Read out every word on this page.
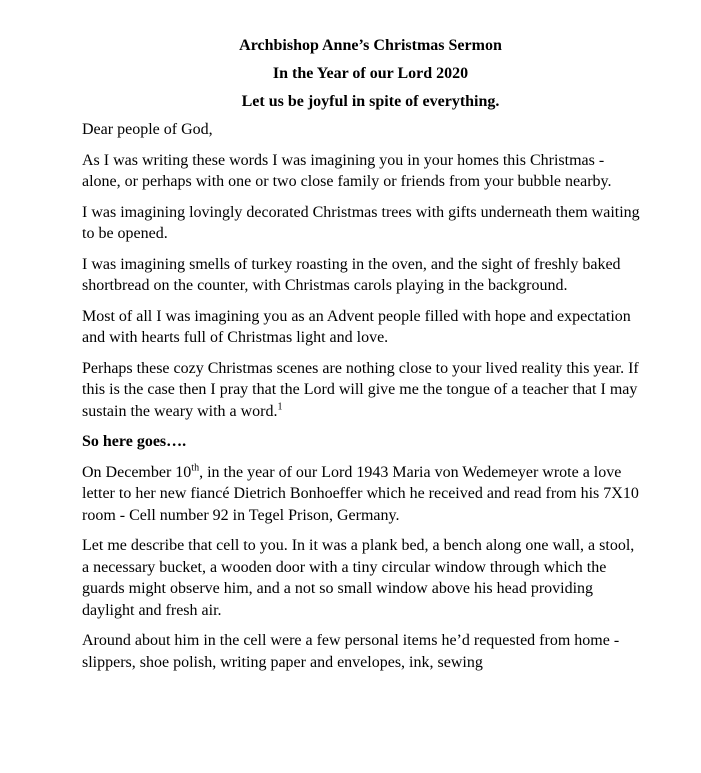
Archbishop Anne’s Christmas Sermon
In the Year of our Lord 2020
Let us be joyful in spite of everything.

Dear people of God,

As I was writing these words I was imagining you in your homes this Christmas - alone, or perhaps with one or two close family or friends from your bubble nearby.

I was imagining lovingly decorated Christmas trees with gifts underneath them waiting to be opened.

I was imagining smells of turkey roasting in the oven, and the sight of freshly baked shortbread on the counter, with Christmas carols playing in the background.

Most of all I was imagining you as an Advent people filled with hope and expectation and with hearts full of Christmas light and love.

Perhaps these cozy Christmas scenes are nothing close to your lived reality this year. If this is the case then I pray that the Lord will give me the tongue of a teacher that I may sustain the weary with a word.$^1$

So here goes….

On December 10th, in the year of our Lord 1943 Maria von Wedemeyer wrote a love letter to her new fiancé Dietrich Bonhoeffer which he received and read from his 7X10 room - Cell number 92 in Tegel Prison, Germany.

Let me describe that cell to you. In it was a plank bed, a bench along one wall, a stool, a necessary bucket, a wooden door with a tiny circular window through which the guards might observe him, and a not so small window above his head providing daylight and fresh air.

Around about him in the cell were a few personal items he’d requested from home - slippers, shoe polish, writing paper and envelopes, ink, sewing
